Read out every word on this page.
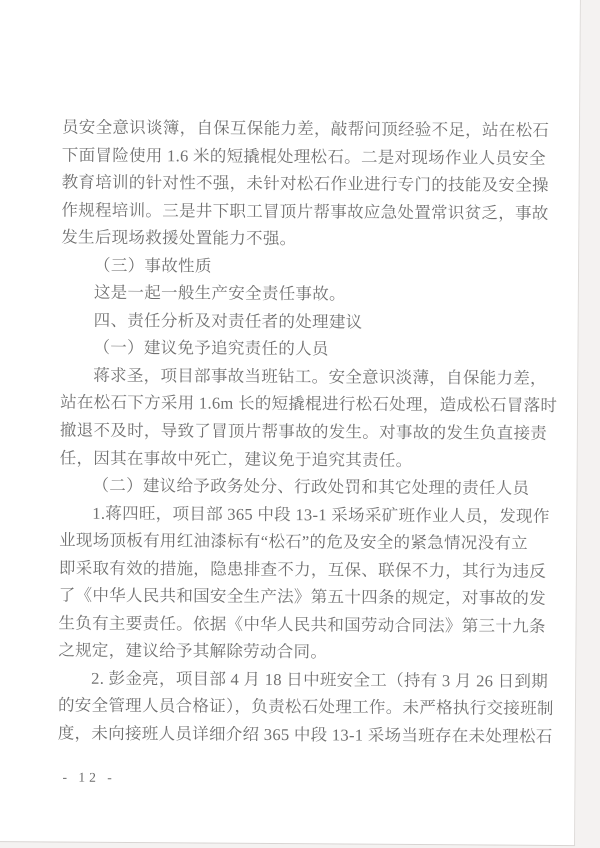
员安全意识谈簿，自保互保能力差，敲帮问顶经验不足，站在松石
下面冒险使用 1.6 米的短撬棍处理松石。二是对现场作业人员安全
教育培训的针对性不强，未针对松石作业进行专门的技能及安全操
作规程培训。三是井下职工冒顶片帮事故应急处置常识贫乏，事故
发生后现场救援处置能力不强。

（三）事故性质

这是一起一般生产安全责任事故。

四、责任分析及对责任者的处理建议

（一）建议免予追究责任的人员

蒋求圣，项目部事故当班钻工。安全意识淡薄，自保能力差，
站在松石下方采用 1.6m 长的短撬棍进行松石处理，造成松石冒落时
撤退不及时，导致了冒顶片帮事故的发生。对事故的发生负直接责
任，因其在事故中死亡，建议免于追究其责任。

（二）建议给予政务处分、行政处罚和其它处理的责任人员

1.蒋四旺，项目部 365 中段 13-1 采场采矿班作业人员，发现作
业现场顶板有用红油漆标有“松石”的危及安全的紧急情况没有立
即采取有效的措施，隐患排查不力，互保、联保不力，其行为违反
了《中华人民共和国安全生产法》第五十四条的规定，对事故的发
生负有主要责任。依据《中华人民共和国劳动合同法》第三十九条
之规定，建议给予其解除劳动合同。

2. 彭金亮，项目部 4 月 18 日中班安全工（持有 3 月 26 日到期
的安全管理人员合格证），负责松石处理工作。未严格执行交接班制
度，未向接班人员详细介绍 365 中段 13-1 采场当班存在未处理松石

- 12 -
